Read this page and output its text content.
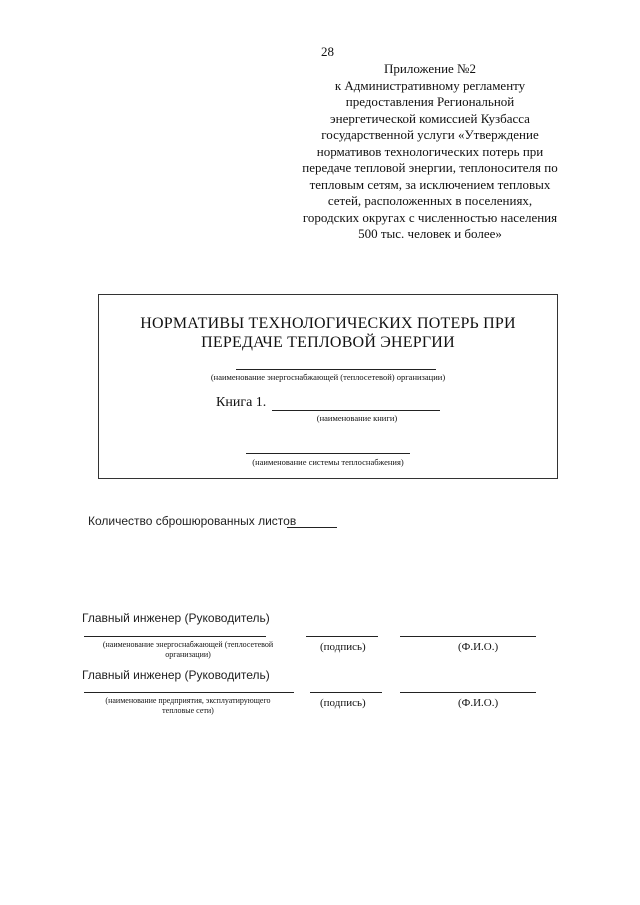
28
Приложение №2
к Административному регламенту
предоставления Региональной
энергетической комиссией Кузбасса
государственной услуги «Утверждение
нормативов технологических потерь при
передаче тепловой энергии, теплоносителя по
тепловым сетям, за исключением тепловых
сетей, расположенных в поселениях,
городских округах с численностью населения
500 тыс. человек и более»
НОРМАТИВЫ ТЕХНОЛОГИЧЕСКИХ ПОТЕРЬ ПРИ
ПЕРЕДАЧЕ ТЕПЛОВОЙ ЭНЕРГИИ
(наименование энергоснабжающей (теплосетевой) организации)
Книга 1.
(наименование книги)
(наименование системы теплоснабжения)
Количество сброшюрованных листов
Главный инженер (Руководитель)
(наименование энергоснабжающей (теплосетевой
организации)
(подпись)	(Ф.И.О.)
Главный инженер (Руководитель)
(наименование предприятия, эксплуатирующего
тепловые сети)
(подпись)	(Ф.И.О.)
